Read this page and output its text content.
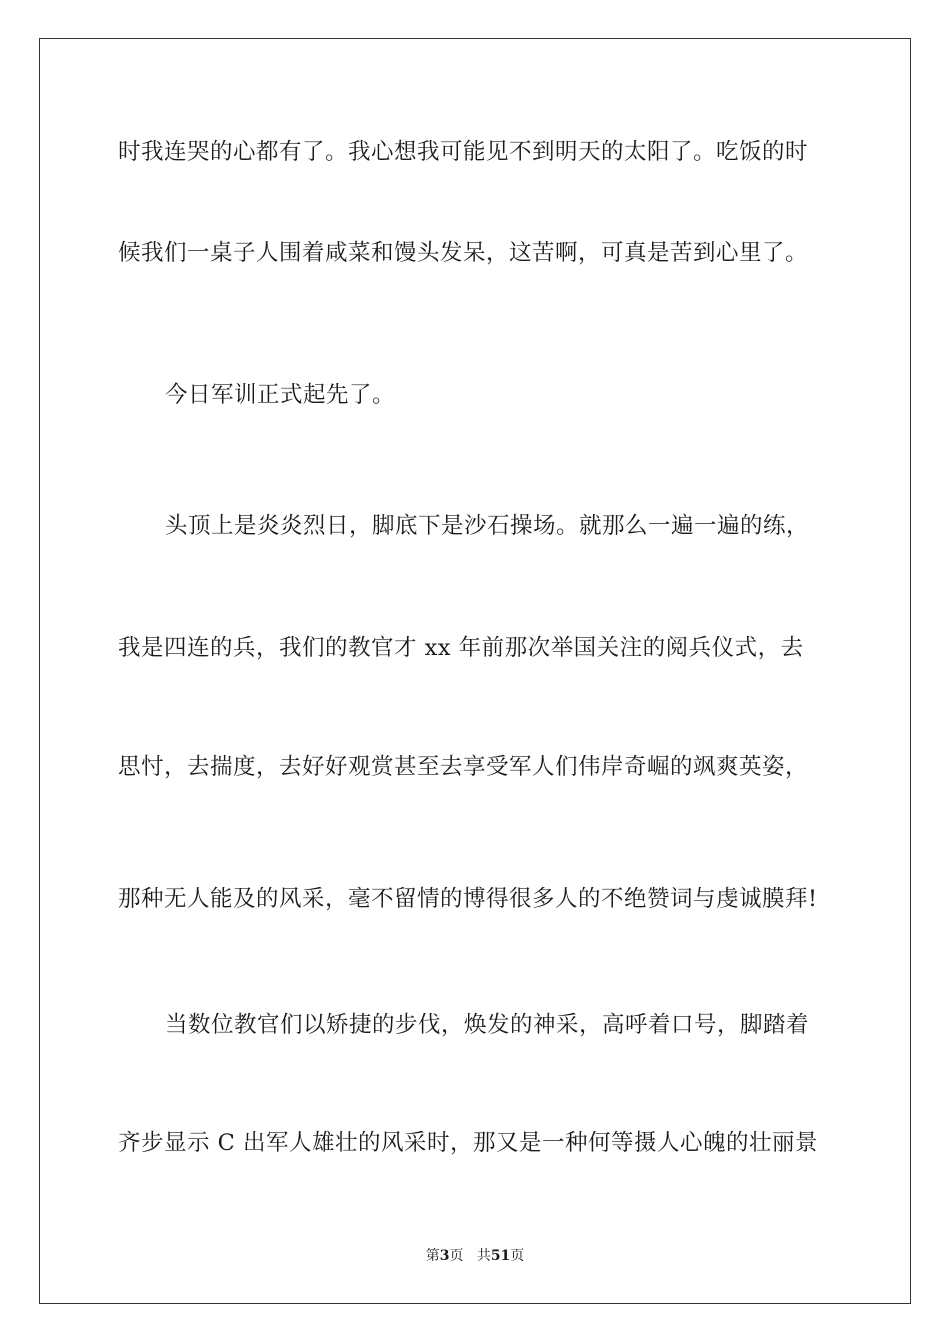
时我连哭的心都有了。我心想我可能见不到明天的太阳了。吃饭的时
候我们一桌子人围着咸菜和馒头发呆，这苦啊，可真是苦到心里了。
今日军训正式起先了。
头顶上是炎炎烈日，脚底下是沙石操场。就那么一遍一遍的练，
我是四连的兵，我们的教官才 xx 年前那次举国关注的阅兵仪式，去
思忖，去揣度，去好好观赏甚至去享受军人们伟岸奇崛的飒爽英姿，
那种无人能及的风采，毫不留情的博得很多人的不绝赞词与虔诚膜拜!
当数位教官们以矫捷的步伐，焕发的神采，高呼着口号，脚踏着
齐步显示 C 出军人雄壮的风采时，那又是一种何等摄人心魄的壮丽景
第3页 共51页
